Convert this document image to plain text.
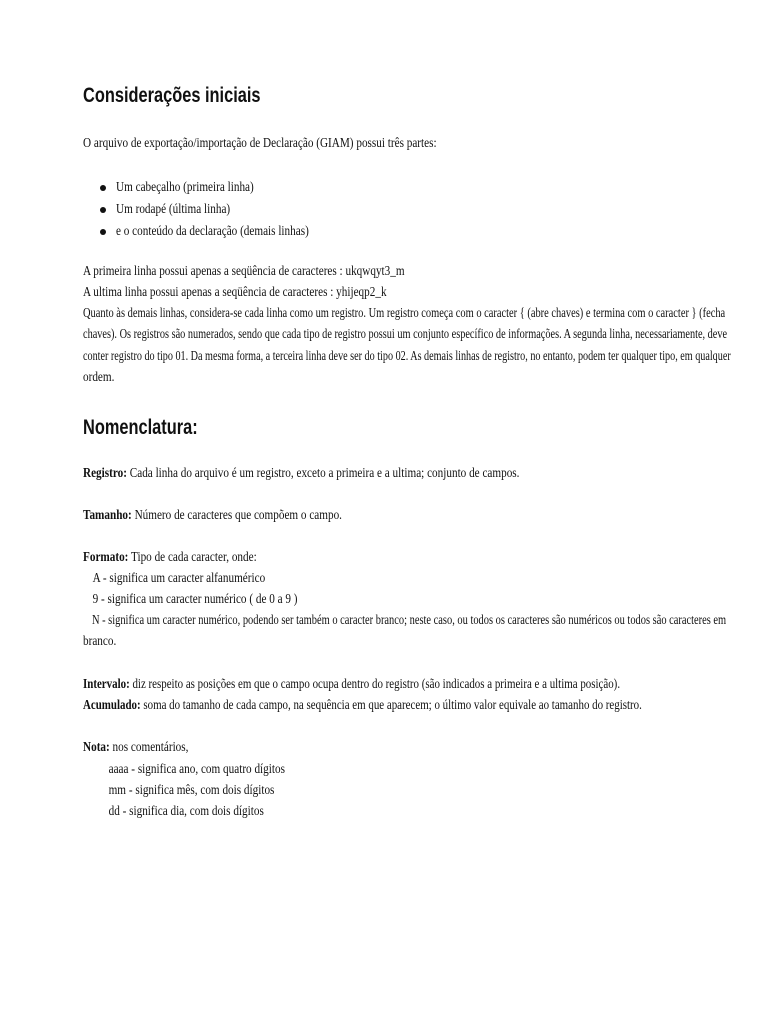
Considerações iniciais

O arquivo de exportação/importação de Declaração (GIAM) possui três partes:

Um cabeçalho (primeira linha)
Um rodapé (última linha)
e o conteúdo da declaração (demais linhas)

A primeira linha possui apenas a seqüência de caracteres : ukqwqyt3_m

A ultima linha possui apenas a seqüência de caracteres : yhijeqp2_k

Quanto às demais linhas, considera-se cada linha como um registro. Um registro começa com o caracter { (abre chaves) e termina com o caracter } (fecha
chaves). Os registros são numerados, sendo que cada tipo de registro possui um conjunto específico de informações. A segunda linha, necessariamente, deve
conter registro do tipo 01. Da mesma forma, a terceira linha deve ser do tipo 02. As demais linhas de registro, no entanto, podem ter qualquer tipo, em qualquer
ordem.
Nomenclatura:

Registro: Cada linha do arquivo é um registro, exceto a primeira e a ultima; conjunto de campos.

Tamanho: Número de caracteres que compõem o campo.

Formato: Tipo de cada caracter, onde:

A - significa um caracter alfanumérico

9 - significa um caracter numérico ( de 0 a 9 )

N - significa um caracter numérico, podendo ser também o caracter branco; neste caso, ou todos os caracteres são numéricos ou todos são caracteres em

branco.

Intervalo: diz respeito as posições em que o campo ocupa dentro do registro (são indicados a primeira e a ultima posição).

Acumulado: soma do tamanho de cada campo, na sequência em que aparecem; o último valor equivale ao tamanho do registro.

Nota: nos comentários,

aaaa - significa ano, com quatro dígitos

mm - significa mês, com dois dígitos

dd - significa dia, com dois dígitos
